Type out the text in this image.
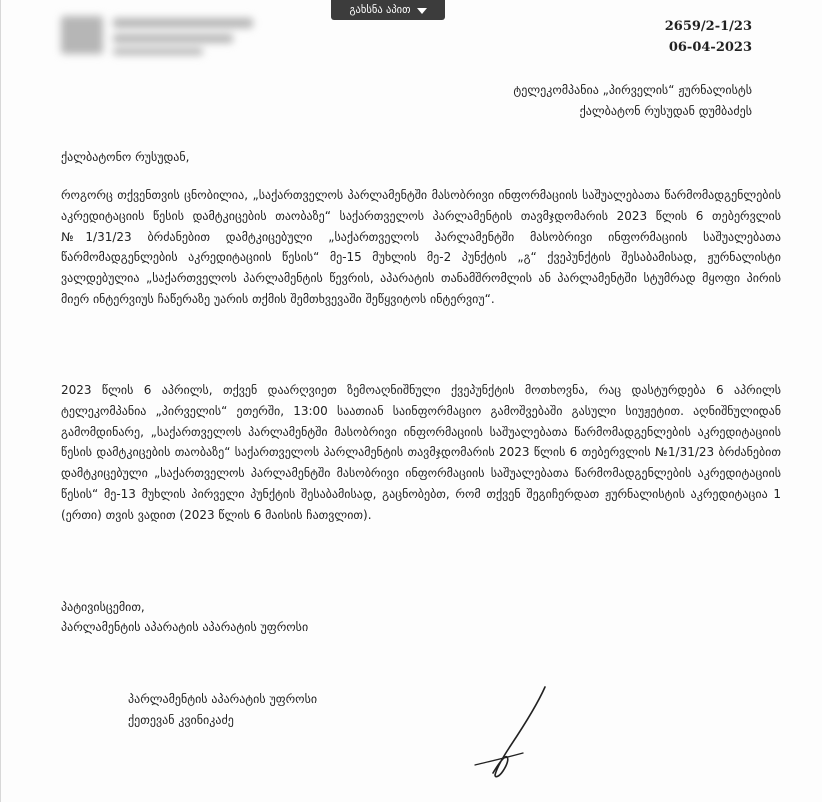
გახსნა აპით
2659/2-1/23
06-04-2023
ტელეკომპანია „პირველის“ ჟურნალისტს
ქალბატონ რუსუდან დუმბაძეს
ქალბატონო რუსუდან,

როგორც თქვენთვის ცნობილია, „საქართველოს პარლამენტში მასობრივი ინფორმაციის საშუალებათა წარმომადგენლების აკრედიტაციის წესის დამტკიცების თაობაზე“ საქართველოს პარლამენტის თავმჯდომარის 2023 წლის 6 თებერვლის №1/31/23 ბრძანებით დამტკიცებული „საქართველოს პარლამენტში მასობრივი ინფორმაციის საშუალებათა წარმომადგენლების აკრედიტაციის წესის“ მე-15 მუხლის მე-2 პუნქტის „გ“ ქვეპუნქტის შესაბამისად, ჟურნალისტი ვალდებულია „საქართველოს პარლამენტის წევრის, აპარატის თანამშრომლის ან პარლამენტში სტუმრად მყოფი პირის მიერ ინტერვიუს ჩაწერაზე უარის თქმის შემთხვევაში შეწყვიტოს ინტერვიუ“.

2023 წლის 6 აპრილს, თქვენ დაარღვიეთ ზემოაღნიშნული ქვეპუნქტის მოთხოვნა, რაც დასტურდება 6 აპრილს ტელეკომპანია „პირველის“ ეთერში, 13:00 საათიან საინფორმაციო გამოშვებაში გასული სიუჟეტით. აღნიშნულიდან გამომდინარე, „საქართველოს პარლამენტში მასობრივი ინფორმაციის საშუალებათა წარმომადგენლების აკრედიტაციის წესის დამტკიცების თაობაზე“ საქართველოს პარლამენტის თავმჯდომარის 2023 წლის 6 თებერვლის №1/31/23 ბრძანებით დამტკიცებული „საქართველოს პარლამენტში მასობრივი ინფორმაციის საშუალებათა წარმომადგენლების აკრედიტაციის წესის“ მე-13 მუხლის პირველი პუნქტის შესაბამისად, გაცნობებთ, რომ თქვენ შეგიჩერდათ ჟურნალისტის აკრედიტაცია 1 (ერთი) თვის ვადით (2023 წლის 6 მაისის ჩათვლით).

პატივისცემით,
პარლამენტის აპარატის აპარატის უფროსი
პარლამენტის აპარატის უფროსი
ქეთევან კვინიკაძე
